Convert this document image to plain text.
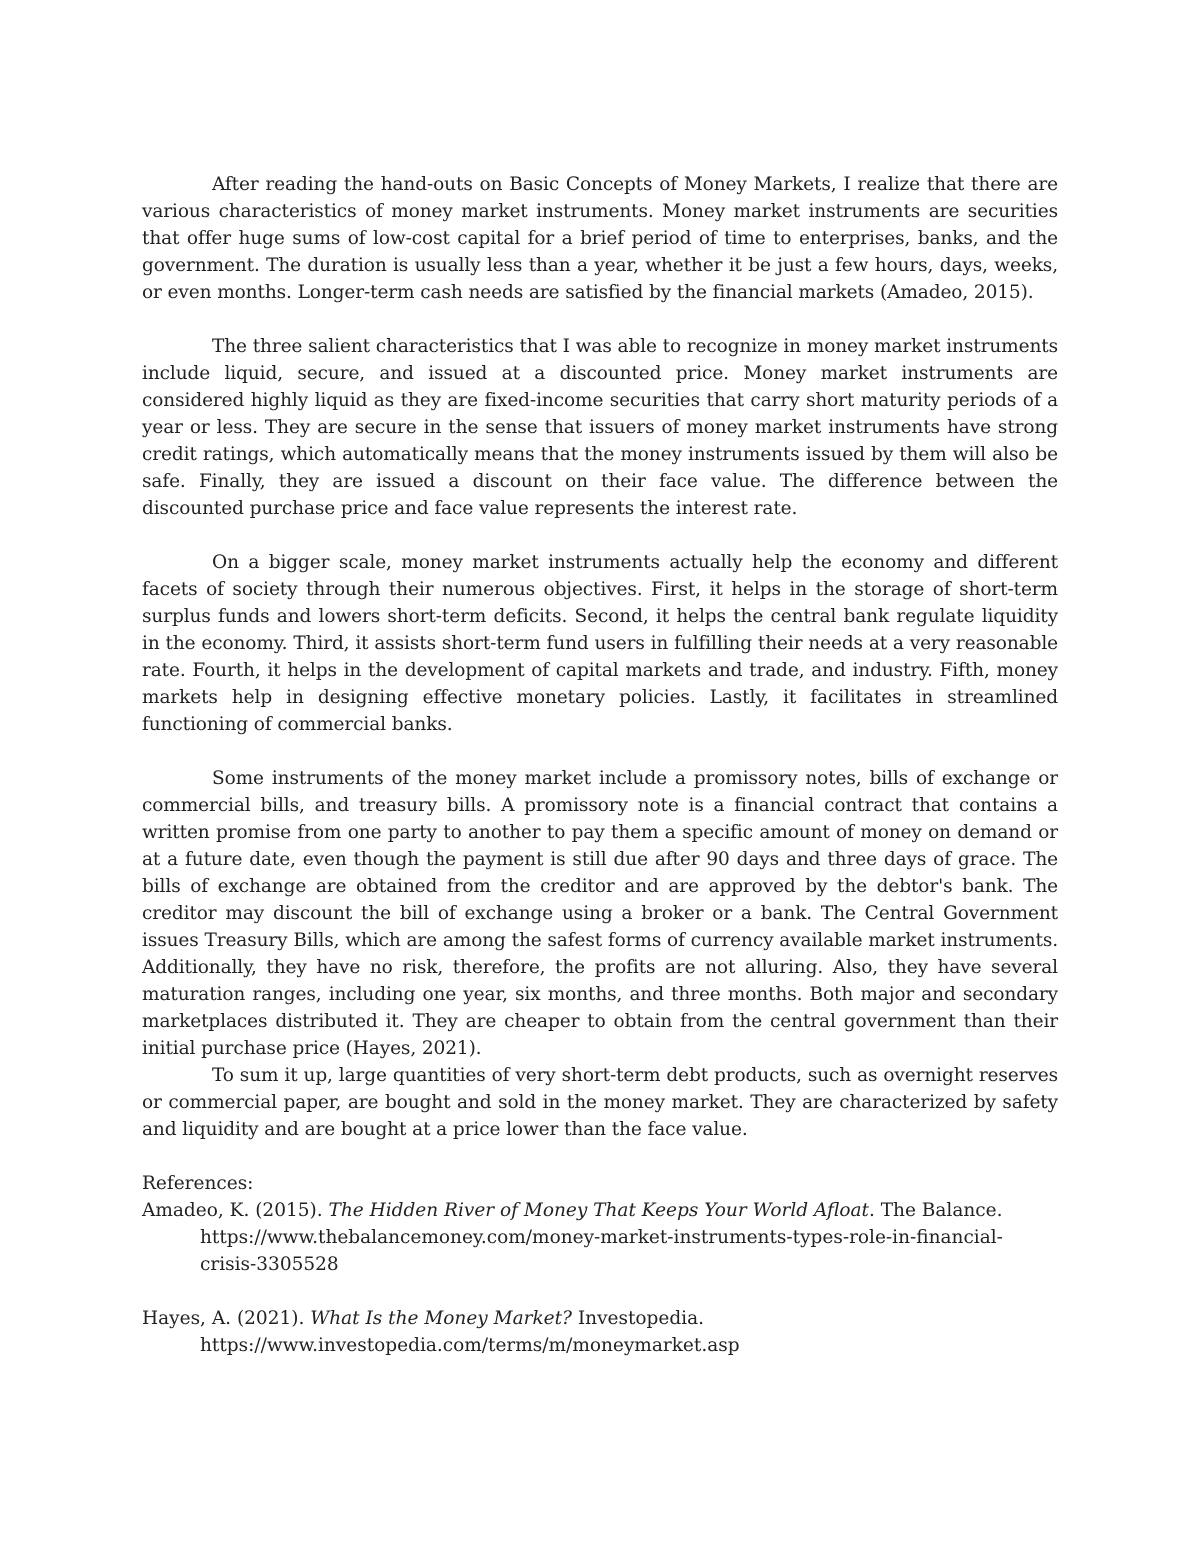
After reading the hand-outs on Basic Concepts of Money Markets, I realize that there are various characteristics of money market instruments. Money market instruments are securities that offer huge sums of low-cost capital for a brief period of time to enterprises, banks, and the government. The duration is usually less than a year, whether it be just a few hours, days, weeks, or even months. Longer-term cash needs are satisfied by the financial markets (Amadeo, 2015).

The three salient characteristics that I was able to recognize in money market instruments include liquid, secure, and issued at a discounted price. Money market instruments are considered highly liquid as they are fixed-income securities that carry short maturity periods of a year or less. They are secure in the sense that issuers of money market instruments have strong credit ratings, which automatically means that the money instruments issued by them will also be safe. Finally, they are issued a discount on their face value. The difference between the discounted purchase price and face value represents the interest rate.

On a bigger scale, money market instruments actually help the economy and different facets of society through their numerous objectives. First, it helps in the storage of short-term surplus funds and lowers short-term deficits. Second, it helps the central bank regulate liquidity in the economy. Third, it assists short-term fund users in fulfilling their needs at a very reasonable rate. Fourth, it helps in the development of capital markets and trade, and industry. Fifth, money markets help in designing effective monetary policies. Lastly, it facilitates in streamlined functioning of commercial banks.

Some instruments of the money market include a promissory notes, bills of exchange or commercial bills, and treasury bills. A promissory note is a financial contract that contains a written promise from one party to another to pay them a specific amount of money on demand or at a future date, even though the payment is still due after 90 days and three days of grace. The bills of exchange are obtained from the creditor and are approved by the debtor's bank. The creditor may discount the bill of exchange using a broker or a bank. The Central Government issues Treasury Bills, which are among the safest forms of currency available market instruments. Additionally, they have no risk, therefore, the profits are not alluring. Also, they have several maturation ranges, including one year, six months, and three months. Both major and secondary marketplaces distributed it. They are cheaper to obtain from the central government than their initial purchase price (Hayes, 2021).

To sum it up, large quantities of very short-term debt products, such as overnight reserves or commercial paper, are bought and sold in the money market. They are characterized by safety and liquidity and are bought at a price lower than the face value.

References:
Amadeo, K. (2015). The Hidden River of Money That Keeps Your World Afloat. The Balance. https://www.thebalancemoney.com/money-market-instruments-types-role-in-financial-crisis-3305528
Hayes, A. (2021). What Is the Money Market? Investopedia. https://www.investopedia.com/terms/m/moneymarket.asp
